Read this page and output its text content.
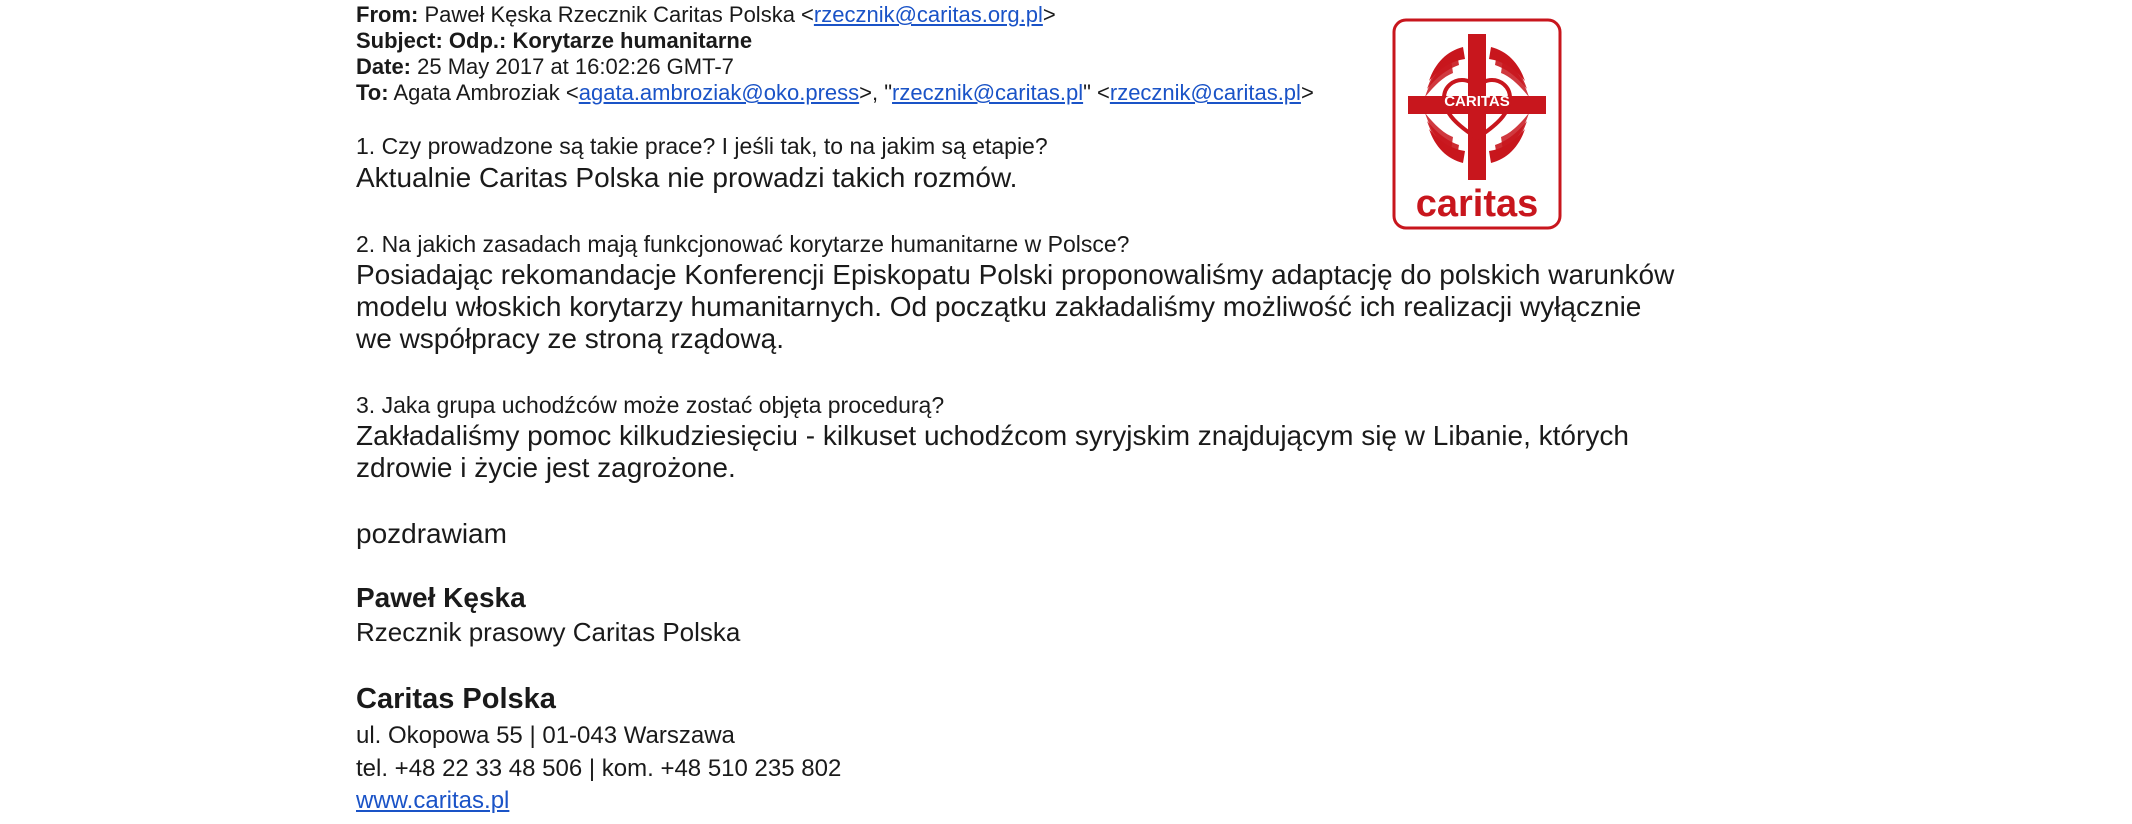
From: Paweł Kęska Rzecznik Caritas Polska <rzecznik@caritas.org.pl>
Subject: Odp.: Korytarze humanitarne
Date: 25 May 2017 at 16:02:26 GMT-7
To: Agata Ambroziak <agata.ambroziak@oko.press>, "rzecznik@caritas.pl" <rzecznik@caritas.pl>
1. Czy prowadzone są takie prace? I jeśli tak, to na jakim są etapie?
Aktualnie Caritas Polska nie prowadzi takich rozmów.
2. Na jakich zasadach mają funkcjonować korytarze humanitarne w Polsce?
Posiadając rekomandacje Konferencji Episkopatu Polski proponowaliśmy adaptację do polskich warunków
modelu włoskich korytarzy humanitarnych. Od początku zakładaliśmy możliwość ich realizacji wyłącznie
we współpracy ze stroną rządową.
3. Jaka grupa uchodźców może zostać objęta procedurą?
Zakładaliśmy pomoc kilkudziesięciu - kilkuset uchodźcom syryjskim znajdującym się w Libanie, których
zdrowie i życie jest zagrożone.
pozdrawiam
Paweł Kęska
Rzecznik prasowy Caritas Polska
Caritas Polska
ul. Okopowa 55 | 01-043 Warszawa
tel. +48 22 33 48 506 | kom. +48 510 235 802
www.caritas.pl
CARITAS
caritas
